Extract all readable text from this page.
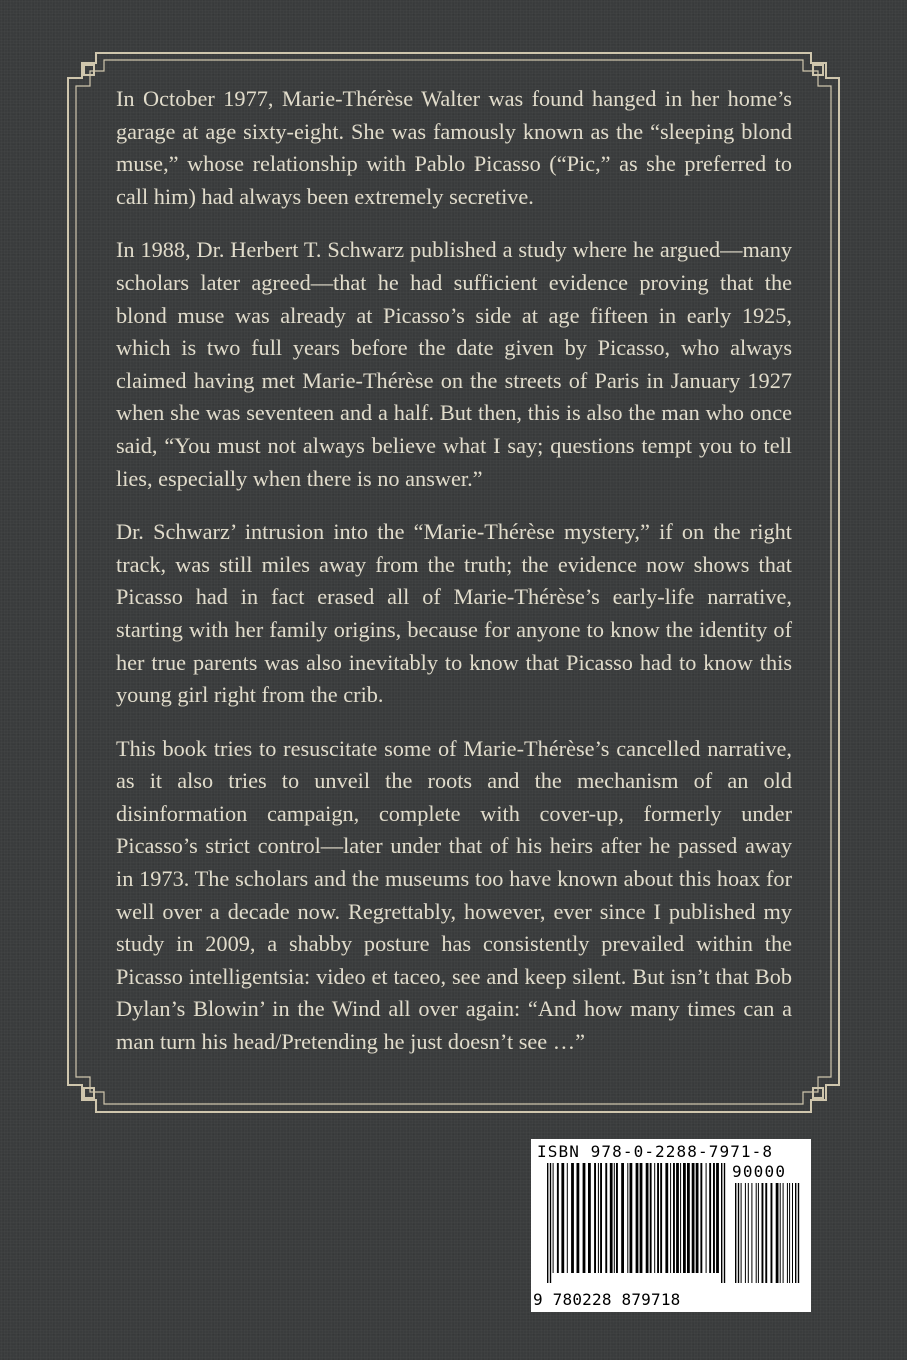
In October 1977, Marie-Thérèse Walter was found hanged in her home’s garage at age sixty-eight. She was famously known as the “sleeping blond muse,” whose relationship with Pablo Picasso (“Pic,” as she preferred to call him) had always been extremely secretive.

In 1988, Dr. Herbert T. Schwarz published a study where he argued—many scholars later agreed—that he had sufficient evidence proving that the blond muse was already at Picasso’s side at age fifteen in early 1925, which is two full years before the date given by Picasso, who always claimed having met Marie-Thérèse on the streets of Paris in January 1927 when she was seventeen and a half. But then, this is also the man who once said, “You must not always believe what I say; questions tempt you to tell lies, especially when there is no answer.”

Dr. Schwarz’ intrusion into the “Marie-Thérèse mystery,” if on the right track, was still miles away from the truth; the evidence now shows that Picasso had in fact erased all of Marie-Thérèse’s early-life narrative, starting with her family origins, because for anyone to know the identity of her true parents was also inevitably to know that Picasso had to know this young girl right from the crib.

This book tries to resuscitate some of Marie-Thérèse’s cancelled narrative, as it also tries to unveil the roots and the mechanism of an old disinformation campaign, complete with cover-up, formerly under Picasso’s strict control—later under that of his heirs after he passed away in 1973. The scholars and the museums too have known about this hoax for well over a decade now. Regrettably, however, ever since I published my study in 2009, a shabby posture has consistently prevailed within the Picasso intelligentsia: video et taceo, see and keep silent. But isn’t that Bob Dylan’s Blowin’ in the Wind all over again: “And how many times can a man turn his head/Pretending he just doesn’t see …”

ISBN 978-0-2288-7971-8
90000
9 780228 879718
